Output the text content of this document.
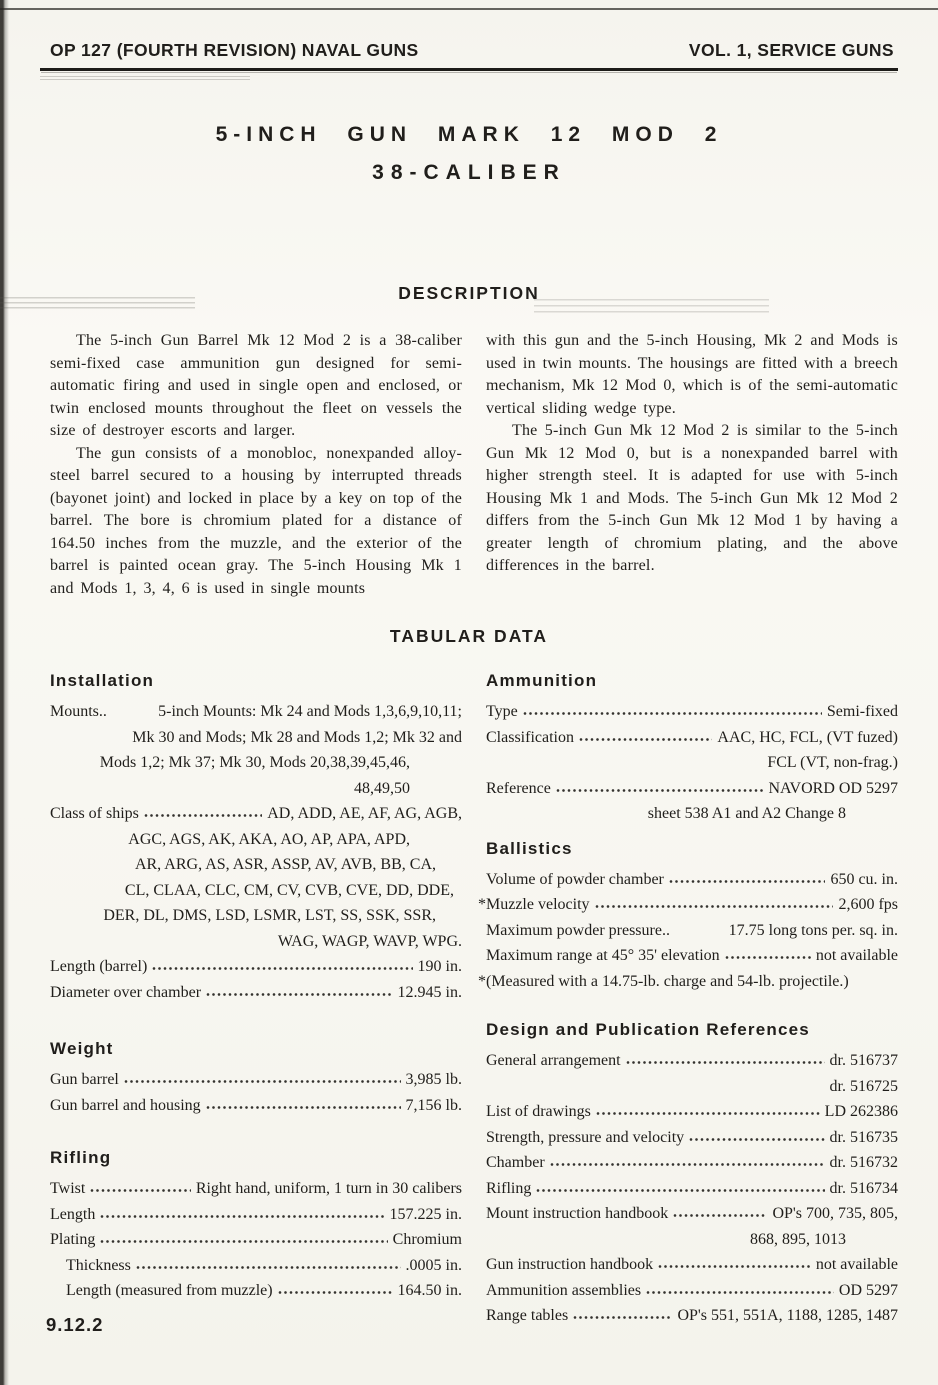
OP 127 (FOURTH REVISION) NAVAL GUNS	VOL. 1, SERVICE GUNS
5-INCH GUN MARK 12 MOD 2
38-CALIBER
DESCRIPTION

The 5-inch Gun Barrel Mk 12 Mod 2 is a 38-caliber semi-fixed case ammunition gun designed for semi-automatic firing and used in single open and enclosed, or twin enclosed mounts throughout the fleet on vessels the size of destroyer escorts and larger.

The gun consists of a monobloc, nonexpanded alloy-steel barrel secured to a housing by interrupted threads (bayonet joint) and locked in place by a key on top of the barrel. The bore is chromium plated for a distance of 164.50 inches from the muzzle, and the exterior of the barrel is painted ocean gray. The 5-inch Housing Mk 1 and Mods 1, 3, 4, 6 is used in single mounts

with this gun and the 5-inch Housing, Mk 2 and Mods is used in twin mounts. The housings are fitted with a breech mechanism, Mk 12 Mod 0, which is of the semi-automatic vertical sliding wedge type.

The 5-inch Gun Mk 12 Mod 2 is similar to the 5-inch Gun Mk 12 Mod 0, but is a nonexpanded barrel with higher strength steel. It is adapted for use with 5-inch Housing Mk 1 and Mods. The 5-inch Gun Mk 12 Mod 2 differs from the 5-inch Gun Mk 12 Mod 1 by having a greater length of chromium plating, and the above differences in the barrel.

TABULAR DATA
Installation
Mounts..	5-inch Mounts: Mk 24 and Mods 1,3,6,9,10,11;
Mk 30 and Mods; Mk 28 and Mods 1,2; Mk 32 and
Mods 1,2; Mk 37; Mk 30, Mods 20,38,39,45,46,
48,49,50
Class of ships	AD, ADD, AE, AF, AG, AGB,
AGC, AGS, AK, AKA, AO, AP, APA, APD,
AR, ARG, AS, ASR, ASSP, AV, AVB, BB, CA,
CL, CLAA, CLC, CM, CV, CVB, CVE, DD, DDE,
DER, DL, DMS, LSD, LSMR, LST, SS, SSK, SSR,
WAG, WAGP, WAVP, WPG.
Length (barrel)	190 in.
Diameter over chamber	12.945 in.
Weight
Gun barrel	3,985 lb.
Gun barrel and housing	7,156 lb.
Rifling
Twist	Right hand, uniform, 1 turn in 30 calibers
Length	157.225 in.
Plating	Chromium
Thickness	.0005 in.
Length (measured from muzzle)	164.50 in.
Ammunition
Type	Semi-fixed
Classification	AAC, HC, FCL, (VT fuzed)
FCL (VT, non-frag.)
Reference	NAVORD OD 5297
sheet 538 A1 and A2 Change 8
Ballistics
Volume of powder chamber	650 cu. in.
*Muzzle velocity	2,600 fps
Maximum powder pressure..	17.75 long tons per. sq. in.
Maximum range at 45° 35' elevation	not available
*(Measured with a 14.75-lb. charge and 54-lb. projectile.)
Design and Publication References
General arrangement	dr. 516737
dr. 516725
List of drawings	LD 262386
Strength, pressure and velocity	dr. 516735
Chamber	dr. 516732
Rifling	dr. 516734
Mount instruction handbook	OP's 700, 735, 805,
868, 895, 1013
Gun instruction handbook	not available
Ammunition assemblies	OD 5297
Range tables	OP's 551, 551A, 1188, 1285, 1487
9.12.2
